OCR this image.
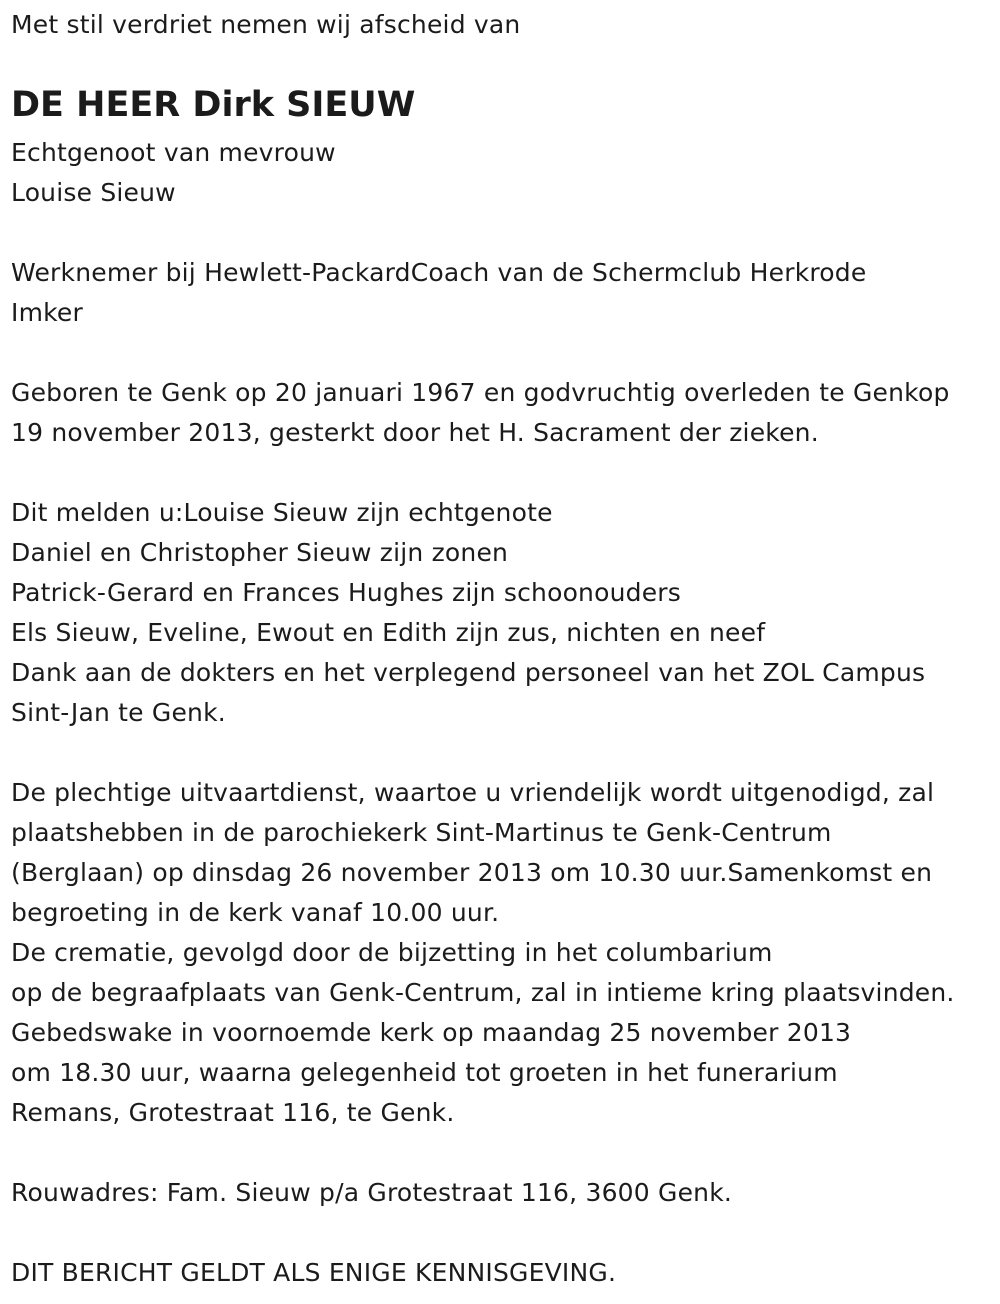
Met stil verdriet nemen wij afscheid van
DE HEER Dirk SIEUW
Echtgenoot van mevrouw
Louise Sieuw
Werknemer bij Hewlett-PackardCoach van de Schermclub Herkrode
Imker
Geboren te Genk op 20 januari 1967 en godvruchtig overleden te Genkop
19 november 2013, gesterkt door het H. Sacrament der zieken.
Dit melden u:Louise Sieuw zijn echtgenote
Daniel en Christopher Sieuw zijn zonen
Patrick-Gerard en Frances Hughes zijn schoonouders
Els Sieuw, Eveline, Ewout en Edith zijn zus, nichten en neef
Dank aan de dokters en het verplegend personeel van het ZOL Campus
Sint-Jan te Genk.
De plechtige uitvaartdienst, waartoe u vriendelijk wordt uitgenodigd, zal
plaatshebben in de parochiekerk Sint-Martinus te Genk-Centrum
(Berglaan) op dinsdag 26 november 2013 om 10.30 uur.Samenkomst en
begroeting in de kerk vanaf 10.00 uur.
De crematie, gevolgd door de bijzetting in het columbarium
op de begraafplaats van Genk-Centrum, zal in intieme kring plaatsvinden.
Gebedswake in voornoemde kerk op maandag 25 november 2013
om 18.30 uur, waarna gelegenheid tot groeten in het funerarium
Remans, Grotestraat 116, te Genk.
Rouwadres: Fam. Sieuw p/a Grotestraat 116, 3600 Genk.
DIT BERICHT GELDT ALS ENIGE KENNISGEVING.
